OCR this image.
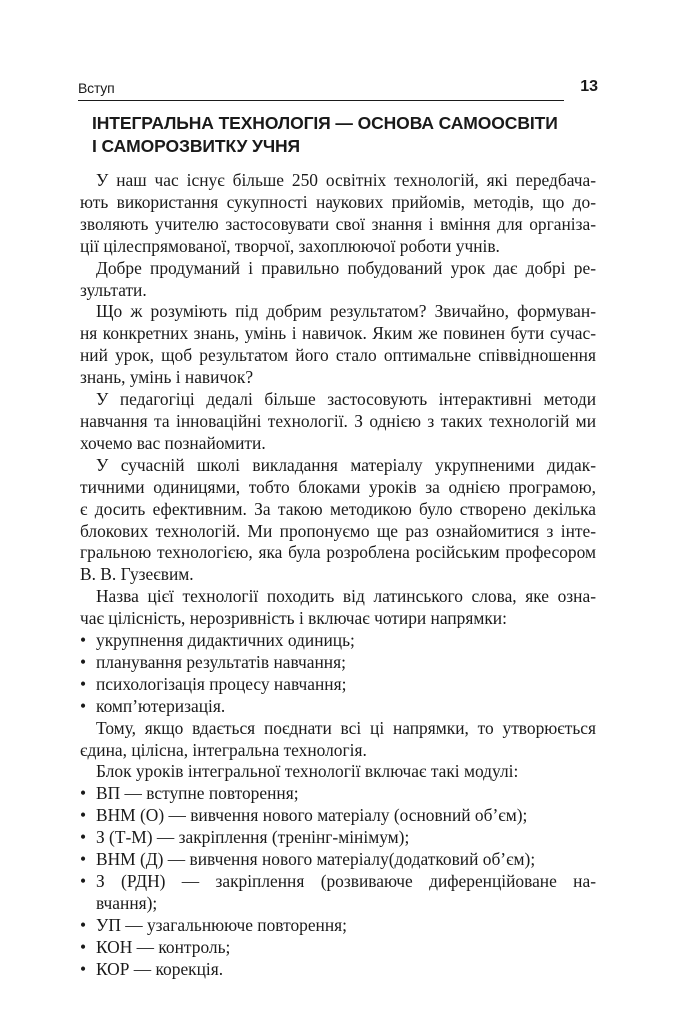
Вступ	13
ІНТЕГРАЛЬНА ТЕХНОЛОГІЯ — ОСНОВА САМООСВІТИ
І САМОРОЗВИТКУ УЧНЯ

У наш час існує більше 250 освітніх технологій, які передбача-
ють використання сукупності наукових прийомів, методів, що до-
зволяють учителю застосовувати свої знання і вміння для організа-
ції цілеспрямованої, творчої, захоплюючої роботи учнів.

Добре продуманий і правильно побудований урок дає добрі ре-
зультати.

Що ж розуміють під добрим результатом? Звичайно, формуван-
ня конкретних знань, умінь і навичок. Яким же повинен бути сучас-
ний урок, щоб результатом його стало оптимальне співвідношення
знань, умінь і навичок?

У педагогіці дедалі більше застосовують інтерактивні методи
навчання та інноваційні технології. З однією з таких технологій ми
хочемо вас познайомити.

У сучасній школі викладання матеріалу укрупненими дидак-
тичними одиницями, тобто блоками уроків за однією програмою,
є досить ефективним. За такою методикою було створено декілька
блокових технологій. Ми пропонуємо ще раз ознайомитися з інте-
гральною технологією, яка була розроблена російським професором
В. В. Гузеєвим.

Назва цієї технології походить від латинського слова, яке озна-
чає цілісність, нерозривність і включає чотири напрямки:

• укрупнення дидактичних одиниць;
• планування результатів навчання;
• психологізація процесу навчання;
• комп’ютеризація.

Тому, якщо вдається поєднати всі ці напрямки, то утворюється
єдина, цілісна, інтегральна технологія.

Блок уроків інтегральної технології включає такі модулі:

• ВП — вступне повторення;
• ВНМ (О) — вивчення нового матеріалу (основний об’єм);
• З (Т-М) — закріплення (тренінг-мінімум);
• ВНМ (Д) — вивчення нового матеріалу(додатковий об’єм);
• З (РДН) — закріплення (розвиваюче диференційоване на-
вчання);
• УП — узагальнююче повторення;
• КОН — контроль;
• КОР — корекція.
